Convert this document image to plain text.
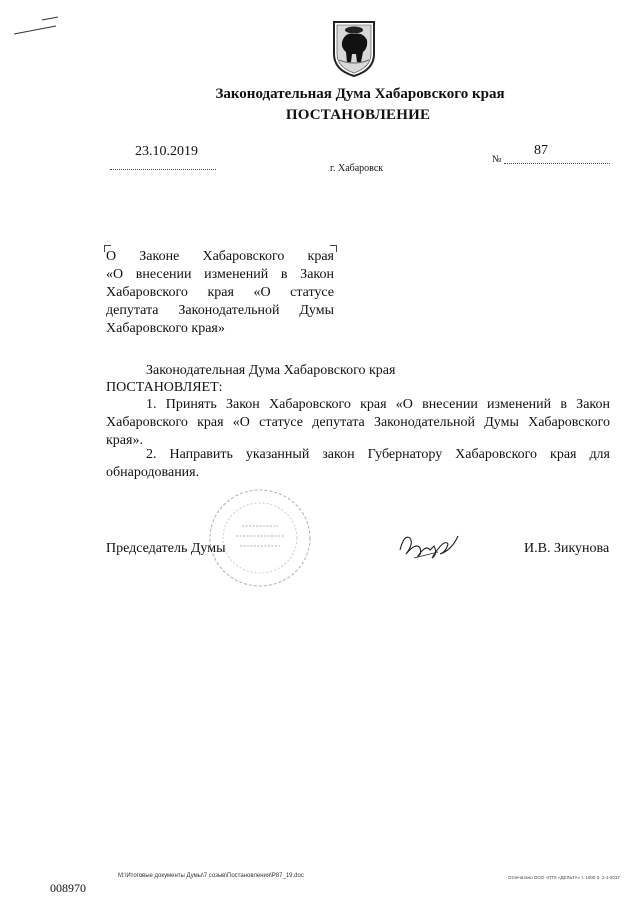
Законодательная Дума Хабаровского края
ПОСТАНОВЛЕНИЕ
23.10.2019
г. Хабаровск
№
87
О Законе Хабаровского края
«О внесении изменений в Закон
Хабаровского края «О статусе
депутата Законодательной Думы
Хабаровского края»
Законодательная Дума Хабаровского края
ПОСТАНОВЛЯЕТ:
1. Принять Закон Хабаровского края «О внесении изменений в Закон Хабаровского края «О статусе депутата Законодательной Думы Хабаровского края».
2. Направить указанный закон Губернатору Хабаровского края для обнародования.
Председатель Думы	И.В. Зикунова
М:\Итоговые документы Думы\7 созыв\Постановления\Р87_19.doc	Отпечатано ООО «ПТК «ДЕЛЬТА» т. 1000 З. 2-1-2017
008970
